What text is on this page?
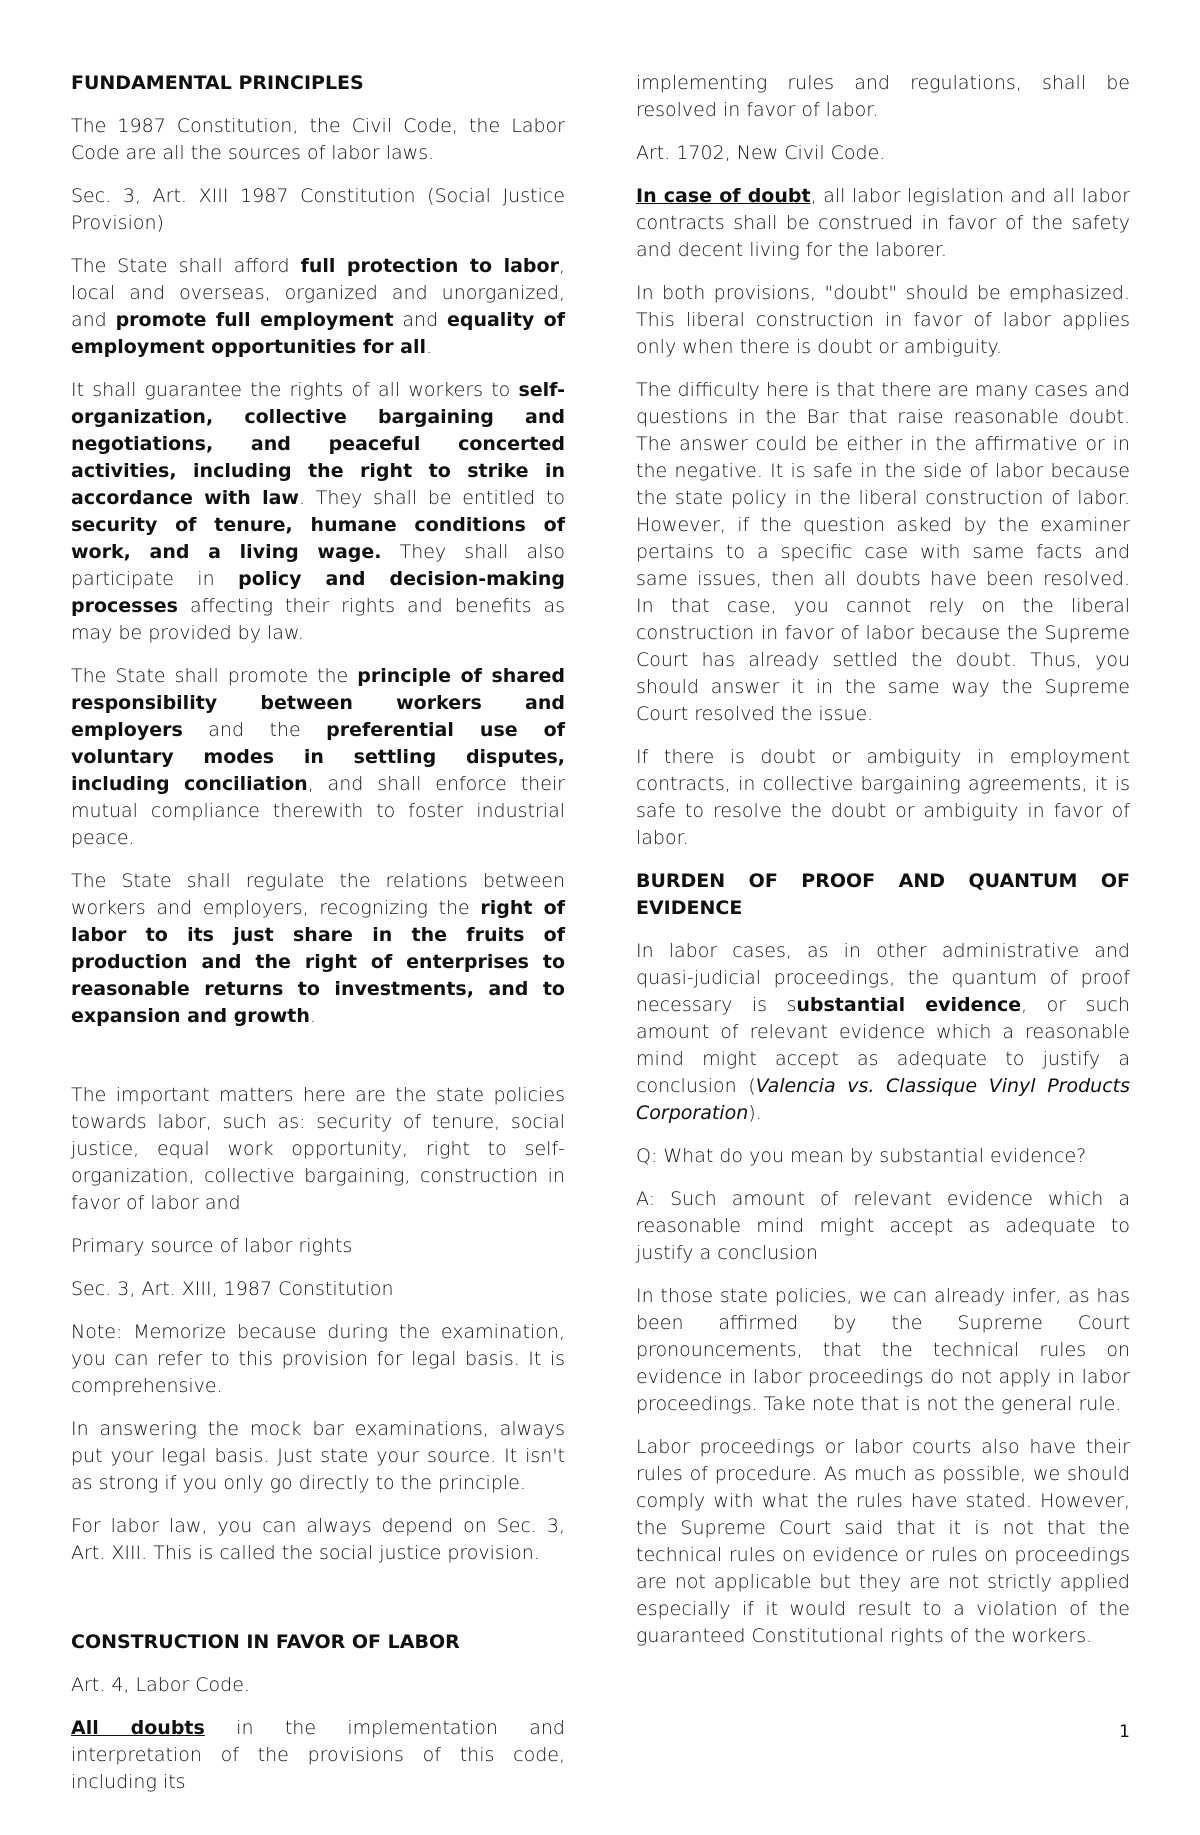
FUNDAMENTAL PRINCIPLES

The 1987 Constitution, the Civil Code, the Labor Code are all the sources of labor laws.

Sec. 3, Art. XIII 1987 Constitution (Social Justice Provision)

The State shall afford full protection to labor, local and overseas, organized and unorganized, and promote full employment and equality of employment opportunities for all.

It shall guarantee the rights of all workers to self-organization, collective bargaining and negotiations, and peaceful concerted activities, including the right to strike in accordance with law. They shall be entitled to security of tenure, humane conditions of work, and a living wage. They shall also participate in policy and decision-making processes affecting their rights and benefits as may be provided by law.

The State shall promote the principle of shared responsibility between workers and employers and the preferential use of voluntary modes in settling disputes, including conciliation, and shall enforce their mutual compliance therewith to foster industrial peace.

The State shall regulate the relations between workers and employers, recognizing the right of labor to its just share in the fruits of production and the right of enterprises to reasonable returns to investments, and to expansion and growth.

The important matters here are the state policies towards labor, such as: security of tenure, social justice, equal work opportunity, right to self-organization, collective bargaining, construction in favor of labor and

Primary source of labor rights

Sec. 3, Art. XIII, 1987 Constitution

Note: Memorize because during the examination, you can refer to this provision for legal basis. It is comprehensive.

In answering the mock bar examinations, always put your legal basis. Just state your source. It isn't as strong if you only go directly to the principle.

For labor law, you can always depend on Sec. 3, Art. XIII. This is called the social justice provision.

CONSTRUCTION IN FAVOR OF LABOR

Art. 4, Labor Code.

All doubts in the implementation and interpretation of the provisions of this code, including its

implementing rules and regulations, shall be resolved in favor of labor.

Art. 1702, New Civil Code.

In case of doubt, all labor legislation and all labor contracts shall be construed in favor of the safety and decent living for the laborer.

In both provisions, "doubt" should be emphasized. This liberal construction in favor of labor applies only when there is doubt or ambiguity.

The difficulty here is that there are many cases and questions in the Bar that raise reasonable doubt. The answer could be either in the affirmative or in the negative. It is safe in the side of labor because the state policy in the liberal construction of labor. However, if the question asked by the examiner pertains to a specific case with same facts and same issues, then all doubts have been resolved. In that case, you cannot rely on the liberal construction in favor of labor because the Supreme Court has already settled the doubt. Thus, you should answer it in the same way the Supreme Court resolved the issue.

If there is doubt or ambiguity in employment contracts, in collective bargaining agreements, it is safe to resolve the doubt or ambiguity in favor of labor.

BURDEN OF PROOF AND QUANTUM OF EVIDENCE

In labor cases, as in other administrative and quasi-judicial proceedings, the quantum of proof necessary is substantial evidence, or such amount of relevant evidence which a reasonable mind might accept as adequate to justify a conclusion (Valencia vs. Classique Vinyl Products Corporation).

Q: What do you mean by substantial evidence?

A: Such amount of relevant evidence which a reasonable mind might accept as adequate to justify a conclusion

In those state policies, we can already infer, as has been affirmed by the Supreme Court pronouncements, that the technical rules on evidence in labor proceedings do not apply in labor proceedings. Take note that is not the general rule.

Labor proceedings or labor courts also have their rules of procedure. As much as possible, we should comply with what the rules have stated. However, the Supreme Court said that it is not that the technical rules on evidence or rules on proceedings are not applicable but they are not strictly applied especially if it would result to a violation of the guaranteed Constitutional rights of the workers.

1
